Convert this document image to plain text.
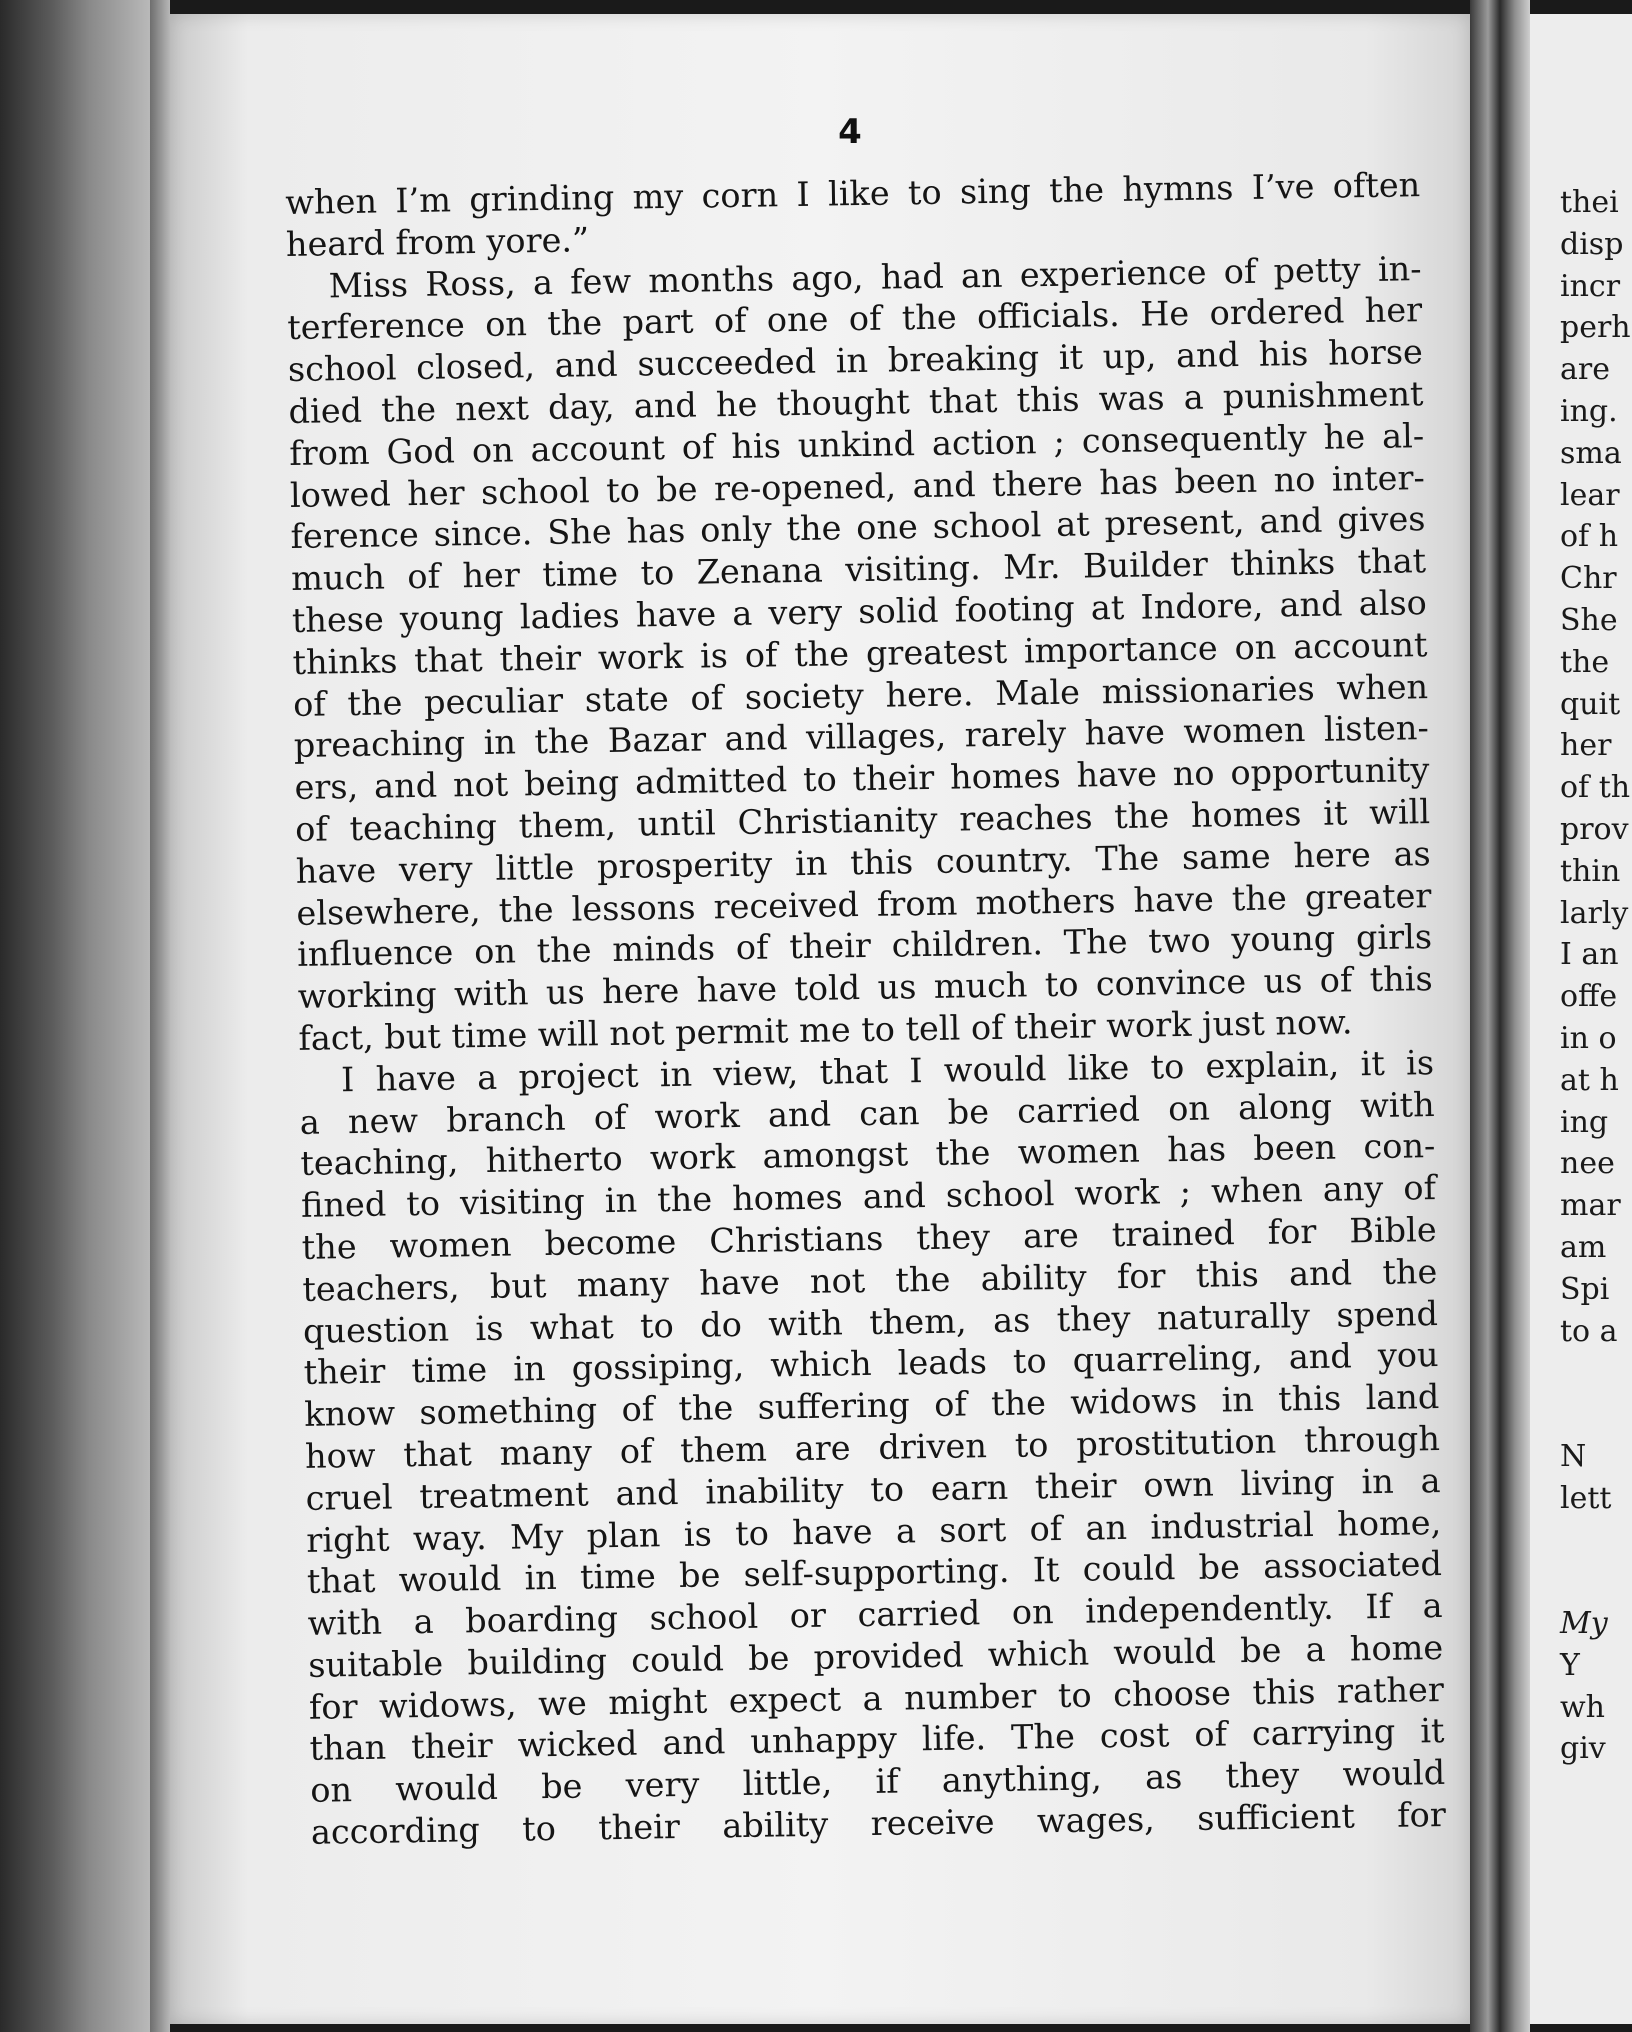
4
when I’m grinding my corn I like to sing the hymns I’ve often
heard from yore.”
Miss Ross, a few months ago, had an experience of petty in-
terference on the part of one of the officials. He ordered her
school closed, and succeeded in breaking it up, and his horse
died the next day, and he thought that this was a punishment
from God on account of his unkind action ; consequently he al-
lowed her school to be re-opened, and there has been no inter-
ference since. She has only the one school at present, and gives
much of her time to Zenana visiting. Mr. Builder thinks that
these young ladies have a very solid footing at Indore, and also
thinks that their work is of the greatest importance on account
of the peculiar state of society here. Male missionaries when
preaching in the Bazar and villages, rarely have women listen-
ers, and not being admitted to their homes have no opportunity
of teaching them, until Christianity reaches the homes it will
have very little prosperity in this country. The same here as
elsewhere, the lessons received from mothers have the greater
influence on the minds of their children. The two young girls
working with us here have told us much to convince us of this
fact, but time will not permit me to tell of their work just now.
I have a project in view, that I would like to explain, it is
a new branch of work and can be carried on along with
teaching, hitherto work amongst the women has been con-
fined to visiting in the homes and school work ; when any of
the women become Christians they are trained for Bible
teachers, but many have not the ability for this and the
question is what to do with them, as they naturally spend
their time in gossiping, which leads to quarreling, and you
know something of the suffering of the widows in this land
how that many of them are driven to prostitution through
cruel treatment and inability to earn their own living in a
right way. My plan is to have a sort of an industrial home,
that would in time be self-supporting. It could be associated
with a boarding school or carried on independently. If a
suitable building could be provided which would be a home
for widows, we might expect a number to choose this rather
than their wicked and unhappy life. The cost of carrying it
on would be very little, if anything, as they would
according to their ability receive wages, sufficient for
thei
disp
incr
perh
are
ing.
sma
lear
of h
Chr
She
the
quit
her
of th
prov
thin
larly
I an
offe
in o
at h
ing
nee
mar
am
Spi
to a
N
lett
My
Y
wh
giv
